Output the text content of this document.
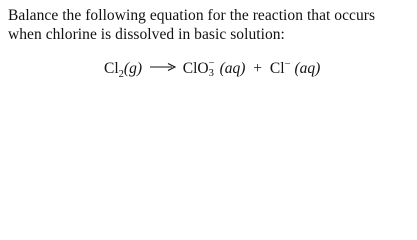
Balance the following equation for the reaction that occurs when chlorine is dissolved in basic solution:

$Cl_2(g)$	ClO −
3 (aq) + Cl− (aq)
